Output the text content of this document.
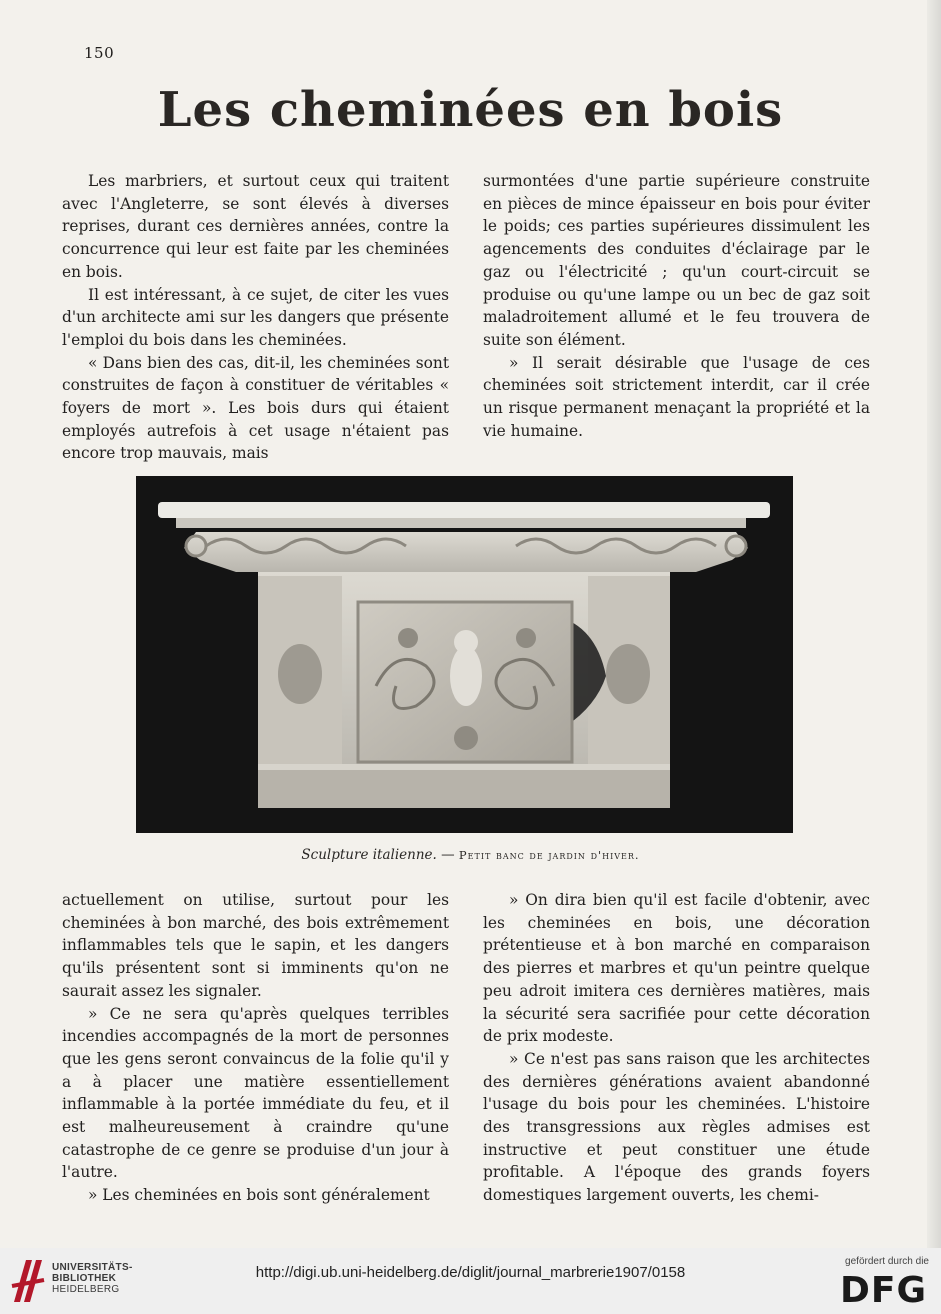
150
Les cheminées en bois

Les marbriers, et surtout ceux qui traitent avec l'Angleterre, se sont élevés à diverses reprises, durant ces dernières années, contre la concurrence qui leur est faite par les cheminées en bois.

Il est intéressant, à ce sujet, de citer les vues d'un architecte ami sur les dangers que présente l'emploi du bois dans les cheminées.

« Dans bien des cas, dit-il, les cheminées sont construites de façon à constituer de véritables « foyers de mort ». Les bois durs qui étaient employés autrefois à cet usage n'étaient pas encore trop mauvais, mais

surmontées d'une partie supérieure construite en pièces de mince épaisseur en bois pour éviter le poids; ces parties supérieures dissimulent les agencements des conduites d'éclairage par le gaz ou l'électricité ; qu'un court-circuit se produise ou qu'une lampe ou un bec de gaz soit maladroitement allumé et le feu trouvera de suite son élément.

» Il serait désirable que l'usage de ces cheminées soit strictement interdit, car il crée un risque permanent menaçant la propriété et la vie humaine.

Sculpture italienne. — Petit banc de jardin d'hiver.

actuellement on utilise, surtout pour les cheminées à bon marché, des bois extrêmement inflammables tels que le sapin, et les dangers qu'ils présentent sont si imminents qu'on ne saurait assez les signaler.

» Ce ne sera qu'après quelques terribles incendies accompagnés de la mort de personnes que les gens seront convaincus de la folie qu'il y a à placer une matière essentiellement inflammable à la portée immédiate du feu, et il est malheureusement à craindre qu'une catastrophe de ce genre se produise d'un jour à l'autre.

» Les cheminées en bois sont généralement

» On dira bien qu'il est facile d'obtenir, avec les cheminées en bois, une décoration prétentieuse et à bon marché en comparaison des pierres et marbres et qu'un peintre quelque peu adroit imitera ces dernières matières, mais la sécurité sera sacrifiée pour cette décoration de prix modeste.

» Ce n'est pas sans raison que les architectes des dernières générations avaient abandonné l'usage du bois pour les cheminées. L'histoire des transgressions aux règles admises est instructive et peut constituer une étude profitable. A l'époque des grands foyers domestiques largement ouverts, les chemi-

UNIVERSITÄTS-
BIBLIOTHEK
HEIDELBERG
http://digi.ub.uni-heidelberg.de/diglit/journal_marbrerie1907/0158
gefördert durch die
DFG
